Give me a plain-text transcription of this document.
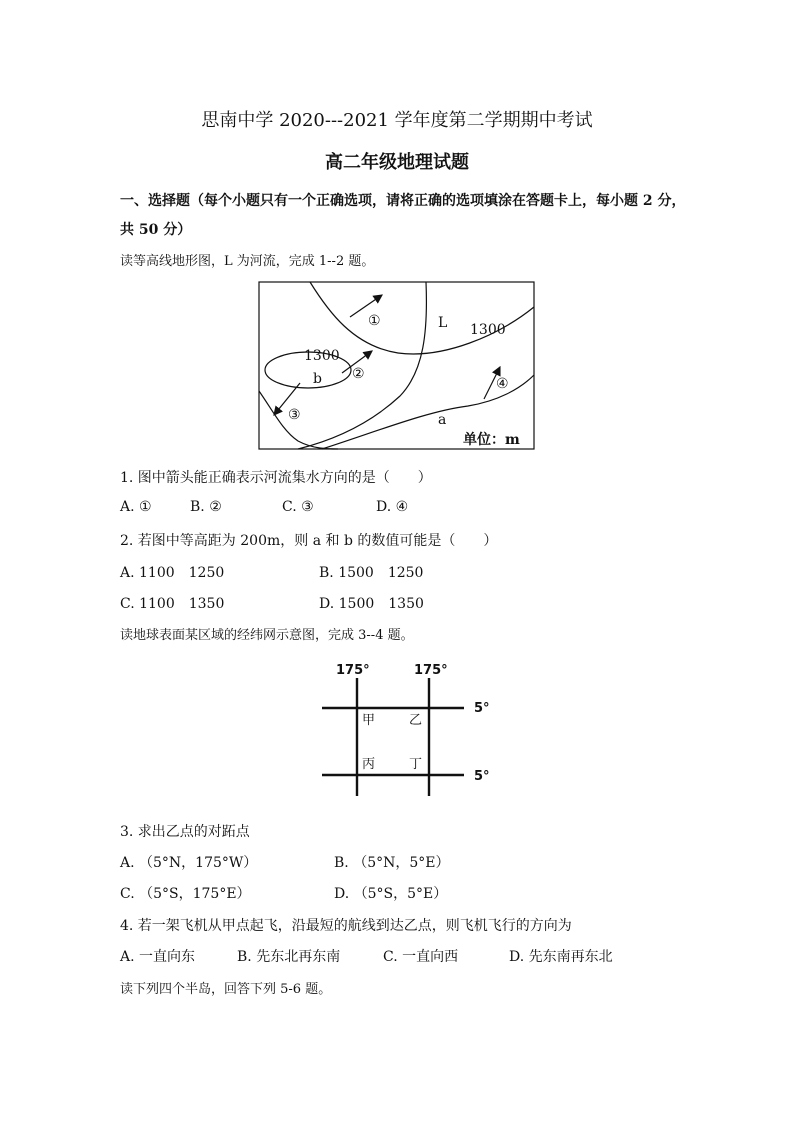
思南中学 2020---2021 学年度第二学期期中考试
高二年级地理试题
一、选择题（每个小题只有一个正确选项，请将正确的选项填涂在答题卡上，每小题 2 分，
共 50 分）
读等高线地形图，L 为河流，完成 1--2 题。
①
②
③
④
L 1300
1300
b
a
单位：m
1. 图中箭头能正确表示河流集水方向的是（　　）
A. ①	B. ②	C. ③	D. ④
2. 若图中等高距为 200m，则 a 和 b 的数值可能是（　　）
A. 1100　1250	B. 1500　1250
C. 1100　1350	D. 1500　1350
读地球表面某区域的经纬网示意图，完成 3--4 题。
175°	175°
5°
5°
甲	乙
丙	丁
3. 求出乙点的对跖点
A. （5°N，175°W）	B. （5°N，5°E）
C. （5°S，175°E）	D. （5°S，5°E）
4. 若一架飞机从甲点起飞，沿最短的航线到达乙点，则飞机飞行的方向为
A. 一直向东	B. 先东北再东南	C. 一直向西	D. 先东南再东北
读下列四个半岛，回答下列 5-6 题。
